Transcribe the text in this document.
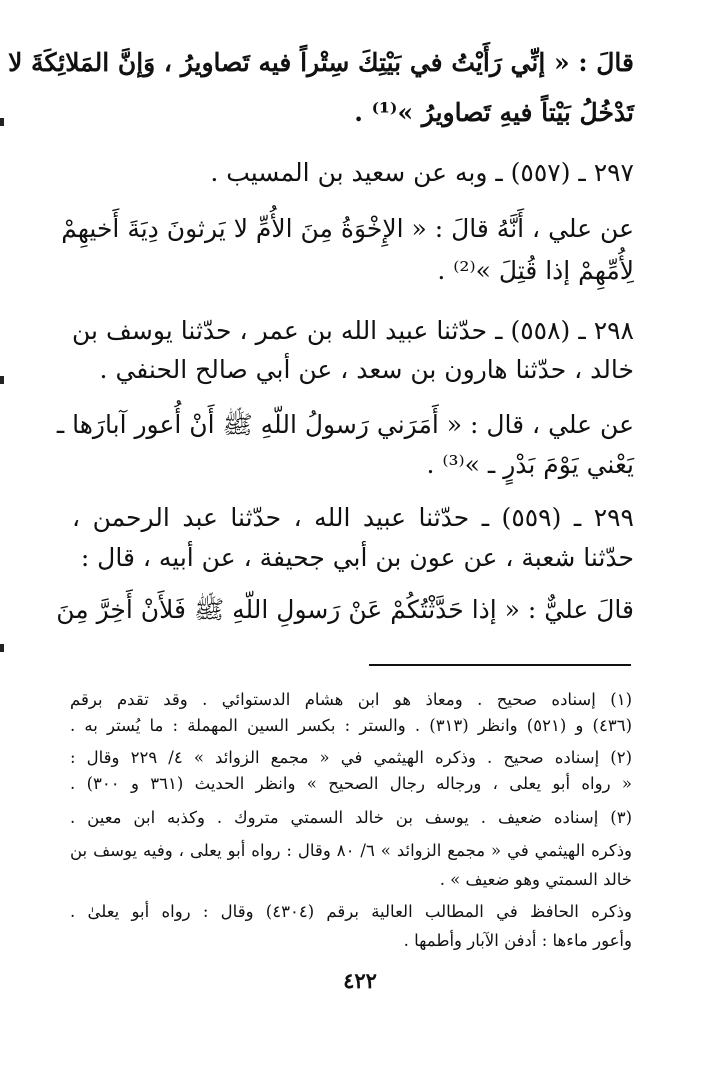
قالَ : « إنِّي رَأَيْتُ في بَيْتِكَ سِتْراً فيه تَصاويرُ ، وَإنَّ المَلائِكَةَ لا
تَدْخُلُ بَيْتاً فيهِ تَصاويرُ »⁽¹⁾ .
٢٩٧ ـ (٥٥٧) ـ وبه عن سعيد بن المسيب .
عن علي ، أَنَّهُ قالَ : « الإِخْوَةُ مِنَ الأُمِّ لا يَرثونَ دِيَةَ أَخيهِمْ
لِأُمِّهِمْ إذا قُتِلَ »⁽²⁾ .
٢٩٨ ـ (٥٥٨) ـ حدّثنا عبيد الله بن عمر ، حدّثنا يوسف بن
خالد ، حدّثنا هارون بن سعد ، عن أبي صالح الحنفي .
عن علي ، قال : « أَمَرَني رَسولُ اللّهِ ﷺ أَنْ أُعور آبارَها ـ
يَعْني يَوْمَ بَدْرٍ ـ »⁽³⁾ .
٢٩٩ ـ (٥٥٩) ـ حدّثنا عبيد الله ، حدّثنا عبد الرحمن ،
حدّثنا شعبة ، عن عون بن أبي جحيفة ، عن أبيه ، قال :
قالَ عليٌّ : « إذا حَدَّثْتُكُمْ عَنْ رَسولِ اللّهِ ﷺ فَلأَنْ أَخِرَّ مِنَ
(١) إسناده صحيح . ومعاذ هو ابن هشام الدستوائي . وقد تقدم برقم
(٤٣٦) و (٥٢١) وانظر (٣١٣) . والستر : بكسر السين المهملة : ما يُستر به .
(٢) إسناده صحيح . وذكره الهيثمي في « مجمع الزوائد » ٤/ ٢٢٩ وقال :
« رواه أبو يعلى ، ورجاله رجال الصحيح » وانظر الحديث (٣٦١ و ٣٠٠) .
(٣) إسناده ضعيف . يوسف بن خالد السمتي متروك . وكذبه ابن معين .
وذكره الهيثمي في « مجمع الزوائد » ٦/ ٨٠ وقال : رواه أبو يعلى ، وفيه يوسف بن
خالد السمتي وهو ضعيف » .
وذكره الحافظ في المطالب العالية برقم (٤٣٠٤) وقال : رواه أبو يعلىٰ .
وأعور ماءها : أدفن الآبار وأطمها .
٤٢٢
